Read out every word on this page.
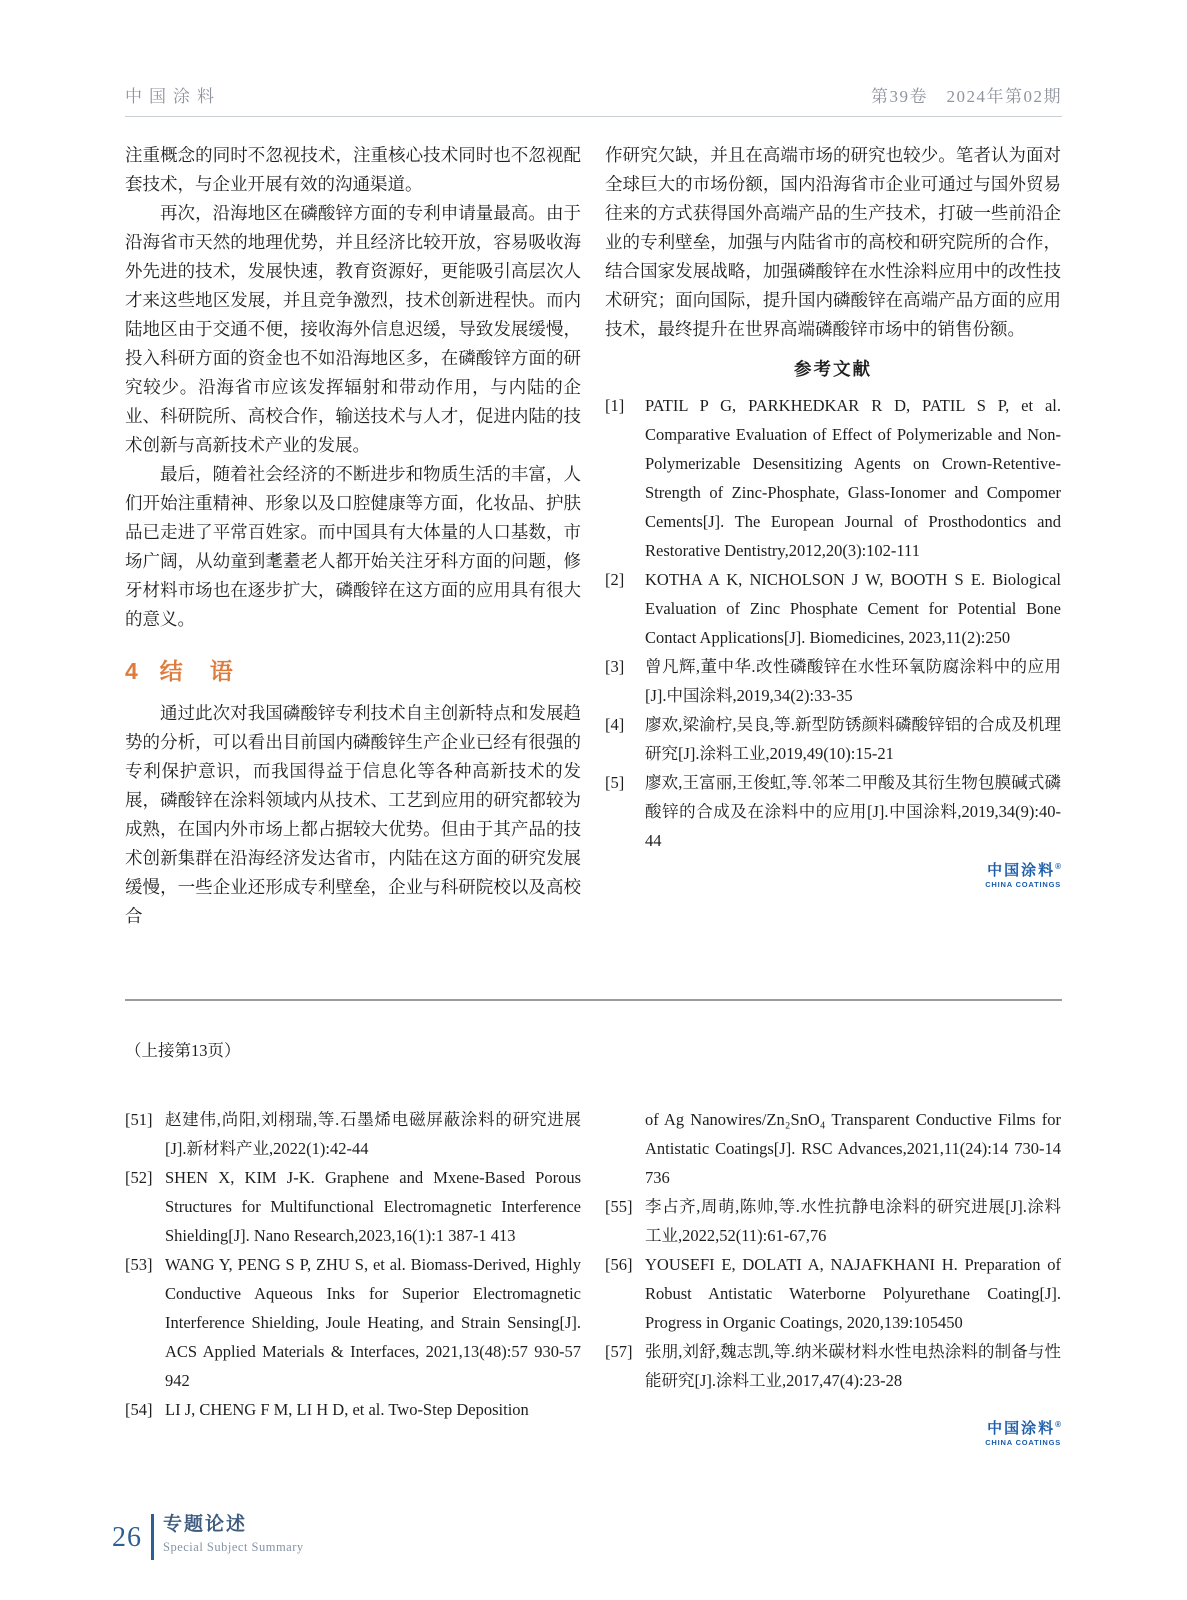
中国涂料	第39卷　2024年第02期

注重概念的同时不忽视技术，注重核心技术同时也不忽视配套技术，与企业开展有效的沟通渠道。

再次，沿海地区在磷酸锌方面的专利申请量最高。由于沿海省市天然的地理优势，并且经济比较开放，容易吸收海外先进的技术，发展快速，教育资源好，更能吸引高层次人才来这些地区发展，并且竞争激烈，技术创新进程快。而内陆地区由于交通不便，接收海外信息迟缓，导致发展缓慢，投入科研方面的资金也不如沿海地区多，在磷酸锌方面的研究较少。沿海省市应该发挥辐射和带动作用，与内陆的企业、科研院所、高校合作，输送技术与人才，促进内陆的技术创新与高新技术产业的发展。

最后，随着社会经济的不断进步和物质生活的丰富，人们开始注重精神、形象以及口腔健康等方面，化妆品、护肤品已走进了平常百姓家。而中国具有大体量的人口基数，市场广阔，从幼童到耄耋老人都开始关注牙科方面的问题，修牙材料市场也在逐步扩大，磷酸锌在这方面的应用具有很大的意义。

4 结　语

通过此次对我国磷酸锌专利技术自主创新特点和发展趋势的分析，可以看出目前国内磷酸锌生产企业已经有很强的专利保护意识，而我国得益于信息化等各种高新技术的发展，磷酸锌在涂料领域内从技术、工艺到应用的研究都较为成熟，在国内外市场上都占据较大优势。但由于其产品的技术创新集群在沿海经济发达省市，内陆在这方面的研究发展缓慢，一些企业还形成专利壁垒，企业与科研院校以及高校合

作研究欠缺，并且在高端市场的研究也较少。笔者认为面对全球巨大的市场份额，国内沿海省市企业可通过与国外贸易往来的方式获得国外高端产品的生产技术，打破一些前沿企业的专利壁垒，加强与内陆省市的高校和研究院所的合作，结合国家发展战略，加强磷酸锌在水性涂料应用中的改性技术研究；面向国际，提升国内磷酸锌在高端产品方面的应用技术，最终提升在世界高端磷酸锌市场中的销售份额。

参考文献
[1]	PATIL P G, PARKHEDKAR R D, PATIL S P, et al. Comparative Evaluation of Effect of Polymerizable and Non-Polymerizable Desensitizing Agents on Crown-Retentive-Strength of Zinc-Phosphate, Glass-Ionomer and Compomer Cements[J]. The European Journal of Prosthodontics and Restorative Dentistry,2012,20(3):102-111
[2]	KOTHA A K, NICHOLSON J W, BOOTH S E. Biological Evaluation of Zinc Phosphate Cement for Potential Bone Contact Applications[J]. Biomedicines, 2023,11(2):250
[3]	曾凡辉,董中华.改性磷酸锌在水性环氧防腐涂料中的应用[J].中国涂料,2019,34(2):33-35
[4]	廖欢,梁渝柠,吴良,等.新型防锈颜料磷酸锌铝的合成及机理研究[J].涂料工业,2019,49(10):15-21
[5]	廖欢,王富丽,王俊虹,等.邻苯二甲酸及其衍生物包膜碱式磷酸锌的合成及在涂料中的应用[J].中国涂料,2019,34(9):40-44
中国涂料®
CHINA COATINGS
（上接第13页）
[51] 赵建伟,尚阳,刘栩瑞,等.石墨烯电磁屏蔽涂料的研究进展[J].新材料产业,2022(1):42-44
[52] SHEN X, KIM J-K. Graphene and Mxene-Based Porous Structures for Multifunctional Electromagnetic Interference Shielding[J]. Nano Research,2023,16(1):1 387-1 413
[53] WANG Y, PENG S P, ZHU S, et al. Biomass-Derived, Highly Conductive Aqueous Inks for Superior Electromagnetic Interference Shielding, Joule Heating, and Strain Sensing[J]. ACS Applied Materials & Interfaces, 2021,13(48):57 930-57 942
[54] LI J, CHENG F M, LI H D, et al. Two-Step Deposition
of Ag Nanowires/Zn₂SnO₄ Transparent Conductive Films for Antistatic Coatings[J]. RSC Advances,2021,11(24):14 730-14 736
[55] 李占齐,周萌,陈帅,等.水性抗静电涂料的研究进展[J].涂料工业,2022,52(11):61-67,76
[56] YOUSEFI E, DOLATI A, NAJAFKHANI H. Preparation of Robust Antistatic Waterborne Polyurethane Coating[J]. Progress in Organic Coatings, 2020,139:105450
[57] 张朋,刘舒,魏志凯,等.纳米碳材料水性电热涂料的制备与性能研究[J].涂料工业,2017,47(4):23-28
中国涂料®
CHINA COATINGS
26 专题论述
Special Subject Summary
